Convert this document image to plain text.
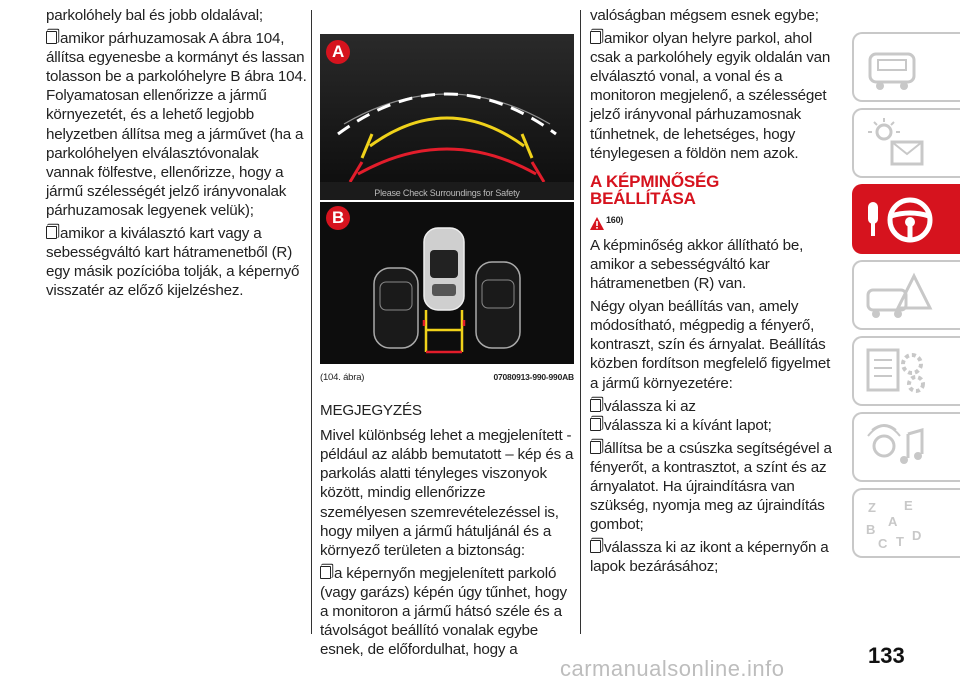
parkolóhely bal és jobb oldalával;

amikor párhuzamosak A ábra 104, állítsa egyenesbe a kormányt és lassan tolasson be a parkolóhelyre B ábra 104. Folyamatosan ellenőrizze a jármű környezetét, és a lehető legjobb helyzetben állítsa meg a járművet (ha a parkolóhelyen elválasztóvonalak vannak fölfestve, ellenőrizze, hogy a jármű szélességét jelző irányvonalak párhuzamosak legyenek velük);

amikor a kiválasztó kart vagy a sebességváltó kart hátramenetből (R) egy másik pozícióba tolják, a képernyő visszatér az előző kijelzéshez.

A
Please Check Surroundings for Safety
B
(104. ábra)	07080913-990-990AB

MEGJEGYZÉS

Mivel különbség lehet a megjelenített - például az alább bemutatott – kép és a parkolás alatti tényleges viszonyok között, mindig ellenőrizze személyesen szemrevételezéssel is, hogy milyen a jármű hátuljánál és a környező területen a biztonság:

a képernyőn megjelenített parkoló (vagy garázs) képén úgy tűnhet, hogy a monitoron a jármű hátsó széle és a távolságot beállító vonalak egybe esnek, de előfordulhat, hogy a

valóságban mégsem esnek egybe;

amikor olyan helyre parkol, ahol csak a parkolóhely egyik oldalán van elválasztó vonal, a vonal és a monitoron megjelenő, a szélességet jelző irányvonal párhuzamosnak tűnhetnek, de lehetséges, hogy ténylegesen a földön nem azok.

A KÉPMINŐSÉG
BEÁLLÍTÁSA
160)

A képminőség akkor állítható be, amikor a sebességváltó kar hátramenetben (R) van.

Négy olyan beállítás van, amely módosítható, mégpedig a fényerő, kontraszt, szín és árnyalat. Beállítás közben fordítson megfelelő figyelmet a jármű környezetére:

válassza ki az

válassza ki a kívánt lapot;

állítsa be a csúszka segítségével a fényerőt, a kontrasztot, a színt és az árnyalatot. Ha újraindításra van szükség, nyomja meg az újraindítás gombot;

válassza ki az ikont a képernyőn a lapok bezárásához;

Z E
B
A
C T D
133
carmanualsonline.info
